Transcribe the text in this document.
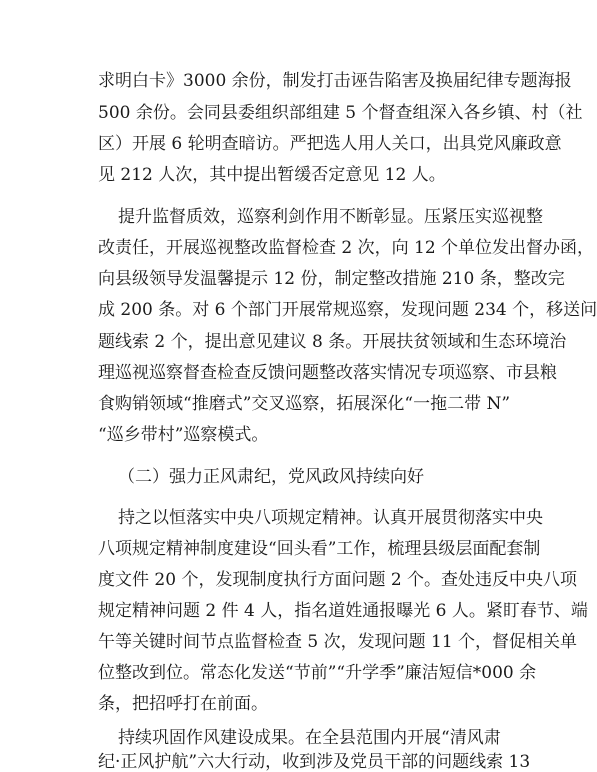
求明白卡》3000 余份，制发打击诬告陷害及换届纪律专题海报
500 余份。会同县委组织部组建 5 个督查组深入各乡镇、村（社
区）开展 6 轮明查暗访。严把选人用人关口，出具党风廉政意
见 212 人次，其中提出暂缓否定意见 12 人。
提升监督质效，巡察利剑作用不断彰显。压紧压实巡视整
改责任，开展巡视整改监督检查 2 次，向 12 个单位发出督办函，
向县级领导发温馨提示 12 份，制定整改措施 210 条，整改完
成 200 条。对 6 个部门开展常规巡察，发现问题 234 个，移送问
题线索 2 个，提出意见建议 8 条。开展扶贫领域和生态环境治
理巡视巡察督查检查反馈问题整改落实情况专项巡察、市县粮
食购销领域“推磨式”交叉巡察，拓展深化“一拖二带 N”
“巡乡带村”巡察模式。
（二）强力正风肃纪，党风政风持续向好
持之以恒落实中央八项规定精神。认真开展贯彻落实中央
八项规定精神制度建设“回头看”工作，梳理县级层面配套制
度文件 20 个，发现制度执行方面问题 2 个。查处违反中央八项
规定精神问题 2 件 4 人，指名道姓通报曝光 6 人。紧盯春节、端
午等关键时间节点监督检查 5 次，发现问题 11 个，督促相关单
位整改到位。常态化发送“节前”“升学季”廉洁短信*000 余
条，把招呼打在前面。
持续巩固作风建设成果。在全县范围内开展“清风肃
纪·正风护航”六大行动，收到涉及党员干部的问题线索 13
